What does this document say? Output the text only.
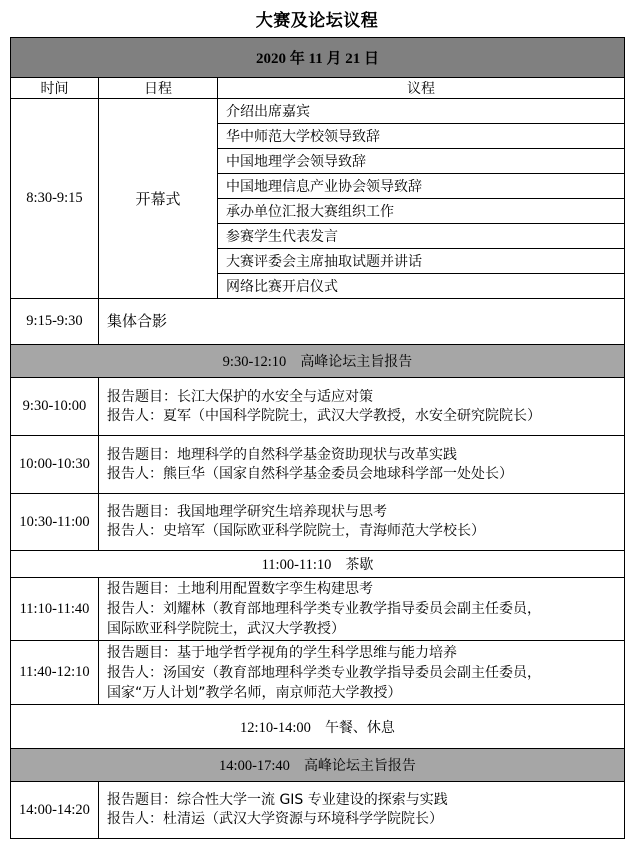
大赛及论坛议程
2020 年 11 月 21 日		
时间	日程	议程
8:30-9:15	开幕式	介绍出席嘉宾
		华中师范大学校领导致辞
		中国地理学会领导致辞
		中国地理信息产业协会领导致辞
		承办单位汇报大赛组织工作
		参赛学生代表发言
		大赛评委会主席抽取试题并讲话
		网络比赛开启仪式
9:15-9:30	集体合影	
9:30-12:10 高峰论坛主旨报告		
9:30-10:00	报告题目：长江大保护的水安全与适应对策
报告人：夏军（中国科学院院士，武汉大学教授，水安全研究院院长）	

10:00-10:30	报告题目：地理科学的自然科学基金资助现状与改革实践
报告人：熊巨华（国家自然科学基金委员会地球科学部一处处长）	

10:30-11:00	报告题目：我国地理学研究生培养现状与思考
报告人：史培军（国际欧亚科学院院士，青海师范大学校长）	

11:00-11:10 茶歇		
11:10-11:40	报告题目：土地利用配置数字孪生构建思考
报告人：刘耀林（教育部地理科学类专业教学指导委员会副主任委员，
国际欧亚科学院院士，武汉大学教授）	

11:40-12:10	报告题目：基于地学哲学视角的学生科学思维与能力培养
报告人：汤国安（教育部地理科学类专业教学指导委员会副主任委员，
国家“万人计划”教学名师，南京师范大学教授）	

12:10-14:00 午餐、休息		
14:00-17:40 高峰论坛主旨报告		
14:00-14:20	报告题目：综合性大学一流 GIS 专业建设的探索与实践
报告人：杜清运（武汉大学资源与环境科学学院院长）	
